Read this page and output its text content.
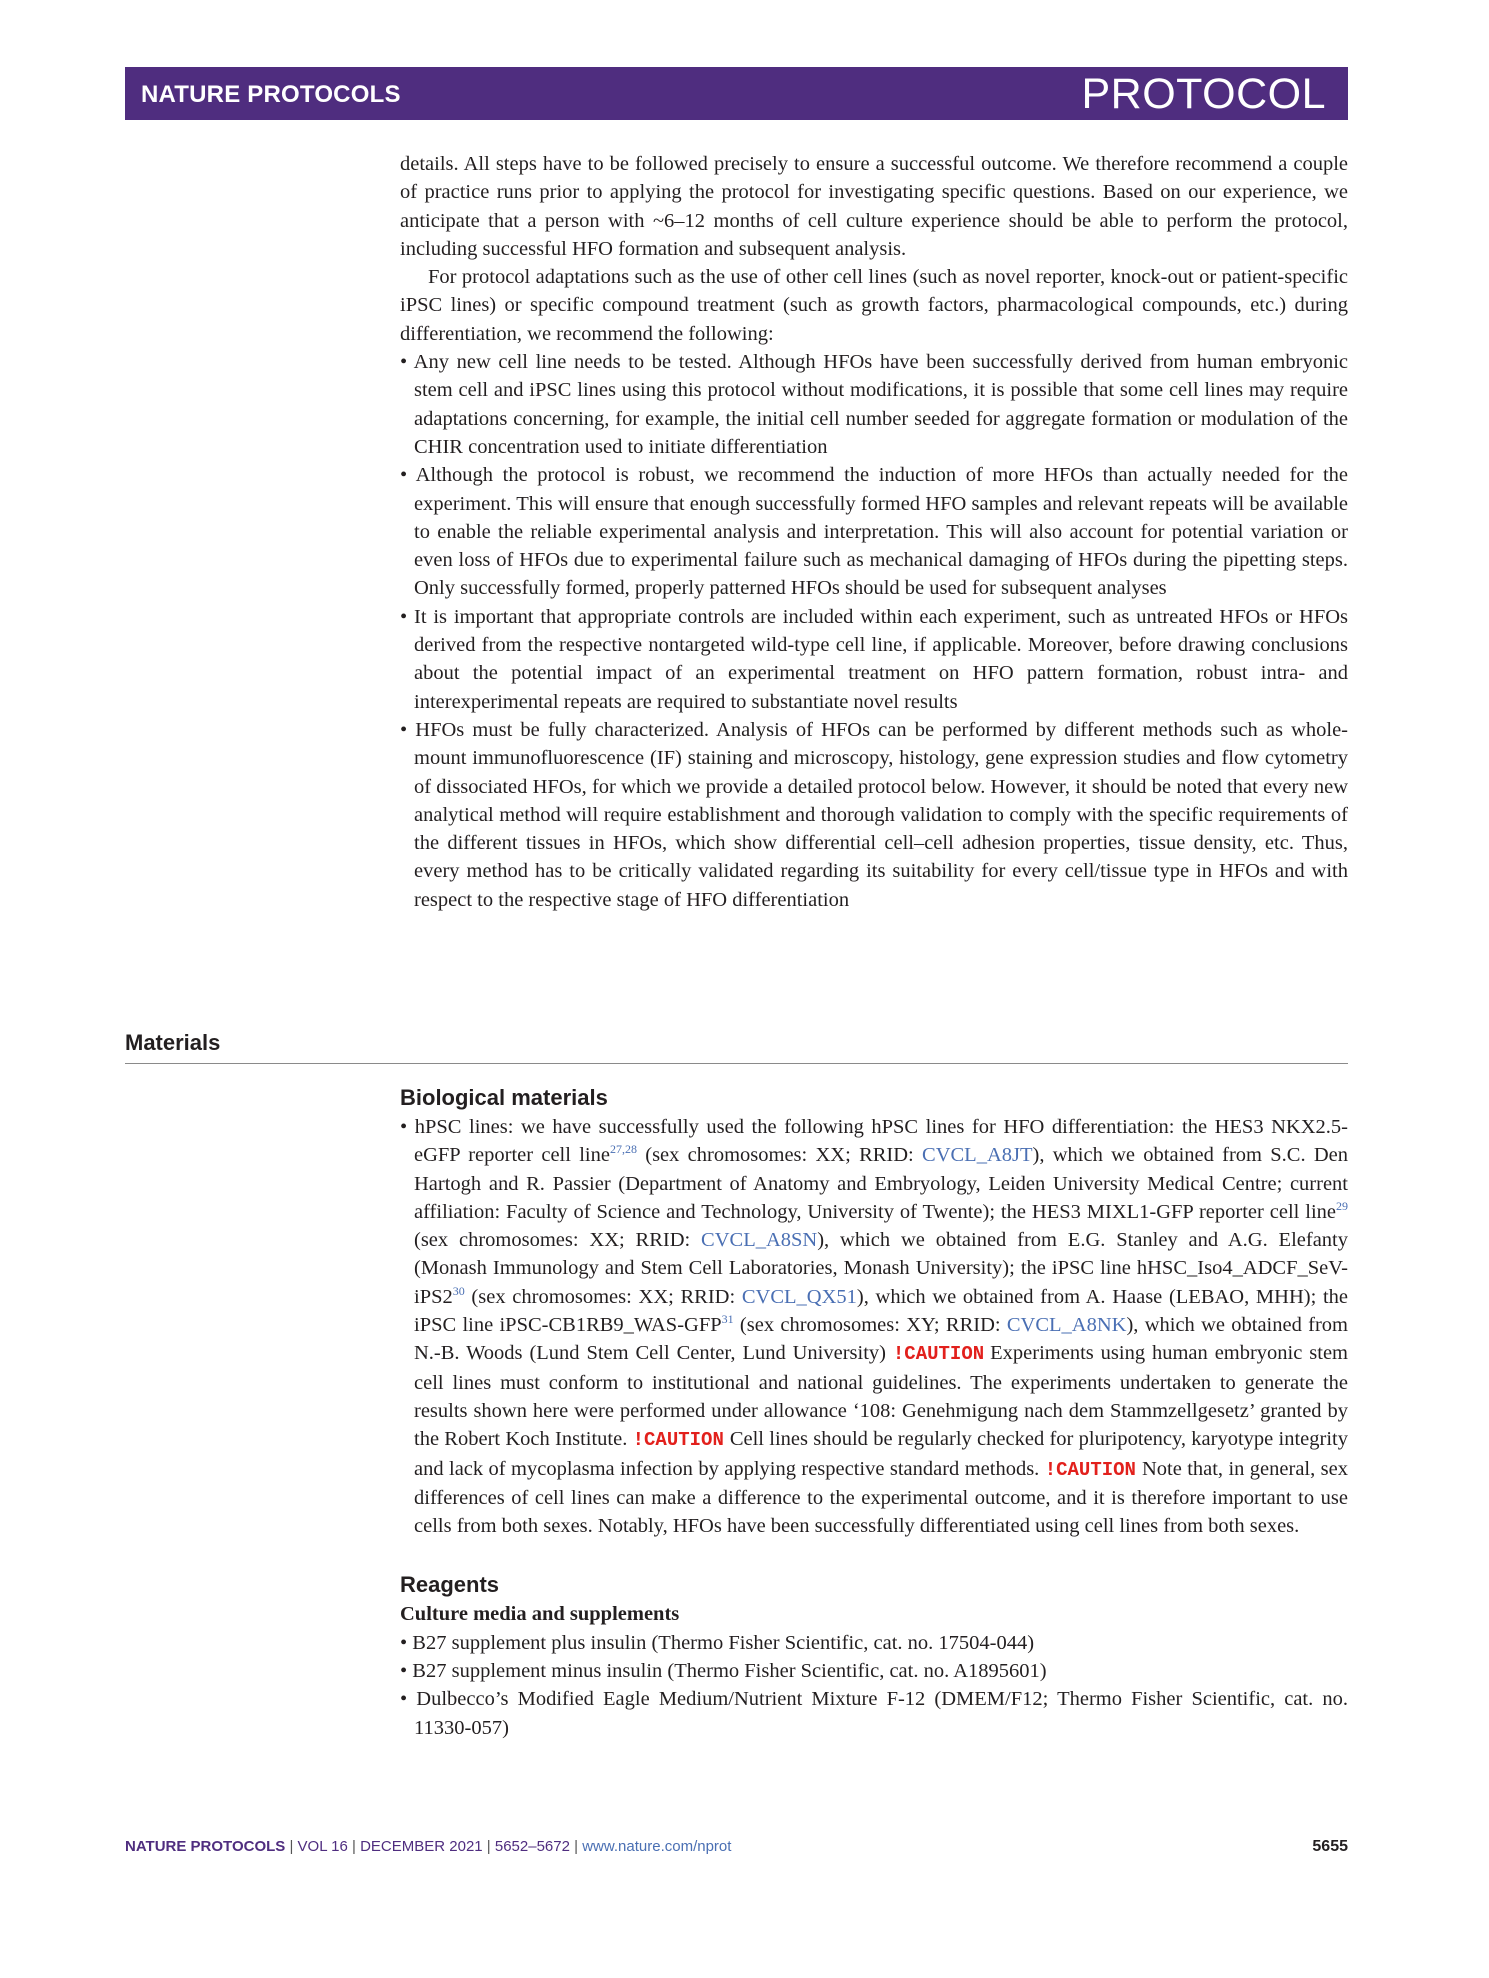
NATURE PROTOCOLS	PROTOCOL

details. All steps have to be followed precisely to ensure a successful outcome. We therefore recommend a couple of practice runs prior to applying the protocol for investigating specific questions. Based on our experience, we anticipate that a person with ~6–12 months of cell culture experience should be able to perform the protocol, including successful HFO formation and subsequent analysis.

For protocol adaptations such as the use of other cell lines (such as novel reporter, knock-out or patient-specific iPSC lines) or specific compound treatment (such as growth factors, pharmacological compounds, etc.) during differentiation, we recommend the following:

• Any new cell line needs to be tested. Although HFOs have been successfully derived from human embryonic stem cell and iPSC lines using this protocol without modifications, it is possible that some cell lines may require adaptations concerning, for example, the initial cell number seeded for aggregate formation or modulation of the CHIR concentration used to initiate differentiation

• Although the protocol is robust, we recommend the induction of more HFOs than actually needed for the experiment. This will ensure that enough successfully formed HFO samples and relevant repeats will be available to enable the reliable experimental analysis and interpretation. This will also account for potential variation or even loss of HFOs due to experimental failure such as mechanical damaging of HFOs during the pipetting steps. Only successfully formed, properly patterned HFOs should be used for subsequent analyses

• It is important that appropriate controls are included within each experiment, such as untreated HFOs or HFOs derived from the respective nontargeted wild-type cell line, if applicable. Moreover, before drawing conclusions about the potential impact of an experimental treatment on HFO pattern formation, robust intra- and interexperimental repeats are required to substantiate novel results

• HFOs must be fully characterized. Analysis of HFOs can be performed by different methods such as whole-mount immunofluorescence (IF) staining and microscopy, histology, gene expression studies and flow cytometry of dissociated HFOs, for which we provide a detailed protocol below. However, it should be noted that every new analytical method will require establishment and thorough validation to comply with the specific requirements of the different tissues in HFOs, which show differential cell–cell adhesion properties, tissue density, etc. Thus, every method has to be critically validated regarding its suitability for every cell/tissue type in HFOs and with respect to the respective stage of HFO differentiation

Materials

Biological materials

• hPSC lines: we have successfully used the following hPSC lines for HFO differentiation: the HES3 NKX2.5-eGFP reporter cell line$^{27,28}$ (sex chromosomes: XX; RRID: CVCL_A8JT), which we obtained from S.C. Den Hartogh and R. Passier (Department of Anatomy and Embryology, Leiden University Medical Centre; current affiliation: Faculty of Science and Technology, University of Twente); the HES3 MIXL1-GFP reporter cell line$^{29}$ (sex chromosomes: XX; RRID: CVCL_A8SN), which we obtained from E.G. Stanley and A.G. Elefanty (Monash Immunology and Stem Cell Laboratories, Monash University); the iPSC line $hHSC\_Iso4\_ADCF\_SeV-iPS2^{30}$ (sex chromosomes: XX; RRID: CVCL_QX51), which we obtained from A. Haase (LEBAO, MHH); the iPSC line iPSC-CB1RB9_WAS-GFP$^{31}$ (sex chromosomes: XY; RRID: CVCL_A8NK), which we obtained from N.-B. Woods (Lund Stem Cell Center, Lund University) !CAUTION Experiments using human embryonic stem cell lines must conform to institutional and national guidelines. The experiments undertaken to generate the results shown here were performed under allowance ‘108: Genehmigung nach dem Stammzellgesetz’ granted by the Robert Koch Institute. !CAUTION Cell lines should be regularly checked for pluripotency, karyotype integrity and lack of mycoplasma infection by applying respective standard methods. !CAUTION Note that, in general, sex differences of cell lines can make a difference to the experimental outcome, and it is therefore important to use cells from both sexes. Notably, HFOs have been successfully differentiated using cell lines from both sexes.

Reagents

Culture media and supplements

• B27 supplement plus insulin (Thermo Fisher Scientific, cat. no. 17504-044)

• B27 supplement minus insulin (Thermo Fisher Scientific, cat. no. A1895601)

• Dulbecco’s Modified Eagle Medium/Nutrient Mixture F-12 (DMEM/F12; Thermo Fisher Scientific, cat. no. 11330-057)

NATURE PROTOCOLS | VOL 16 | DECEMBER 2021 | 5652–5672 | www.nature.com/nprot	5655
